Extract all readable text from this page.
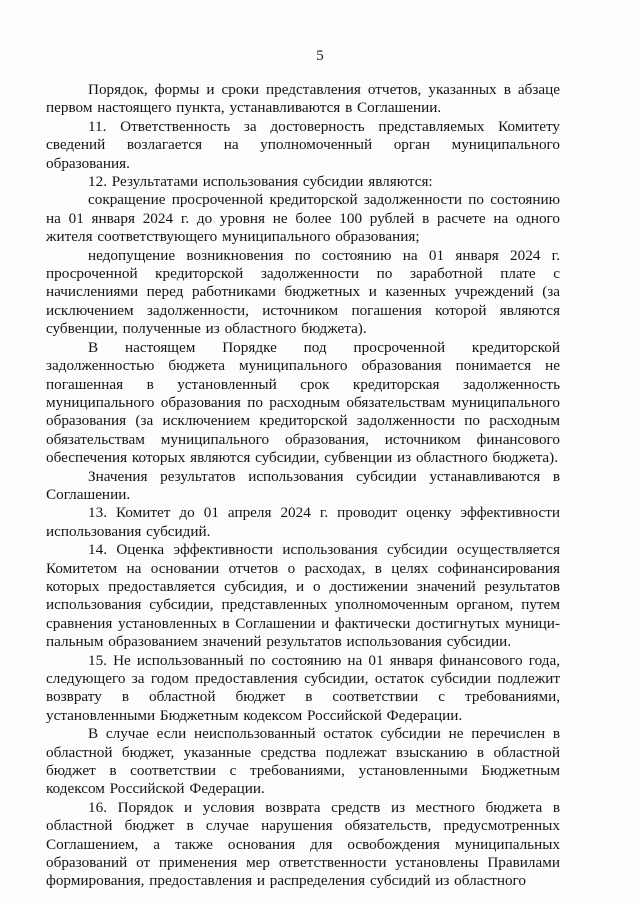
5

Порядок, формы и сроки представления отчетов, указанных в абзаце первом настоящего пункта, устанавливаются в Соглашении.

11. Ответственность за достоверность представляемых Комитету сведений возлагается на уполномоченный орган муниципального образования.

12. Результатами использования субсидии являются:

сокращение просроченной кредиторской задолженности по состоянию на 01 января 2024 г. до уровня не более 100 рублей в расчете на одного жителя соответствующего муниципального образования;

недопущение возникновения по состоянию на 01 января 2024 г. просроченной кредиторской задолженности по заработной плате с начислениями перед работниками бюджетных и казенных учреждений (за исключением задолженности, источником погашения которой являются субвенции, полученные из областного бюджета).

В настоящем Порядке под просроченной кредиторской задолженностью бюджета муниципального образования понимается не погашенная в установленный срок кредиторская задолженность муниципального образования по расходным обязательствам муниципального образования (за исключением кредиторской задолженности по расходным обязательствам муниципального образования, источником финансового обеспечения которых являются субсидии, субвенции из областного бюджета).

Значения результатов использования субсидии устанавливаются в Соглашении.

13. Комитет до 01 апреля 2024 г. проводит оценку эффективности использования субсидий.

14. Оценка эффективности использования субсидии осуществляется Комитетом на основании отчетов о расходах, в целях софинансирования которых предоставляется субсидия, и о достижении значений результатов использования субсидии, представленных уполномоченным органом, путем сравнения установленных в Соглашении и фактически достигнутых муници-пальным образованием значений результатов использования субсидии.

15. Не использованный по состоянию на 01 января финансового года, следующего за годом предоставления субсидии, остаток субсидии подлежит возврату в областной бюджет в соответствии с требованиями, установленными Бюджетным кодексом Российской Федерации.

В случае если неиспользованный остаток субсидии не перечислен в областной бюджет, указанные средства подлежат взысканию в областной бюджет в соответствии с требованиями, установленными Бюджетным кодексом Российской Федерации.

16. Порядок и условия возврата средств из местного бюджета в областной бюджет в случае нарушения обязательств, предусмотренных Соглашением, а также основания для освобождения муниципальных образований от применения мер ответственности установлены Правилами формирования, предоставления и распределения субсидий из областного
